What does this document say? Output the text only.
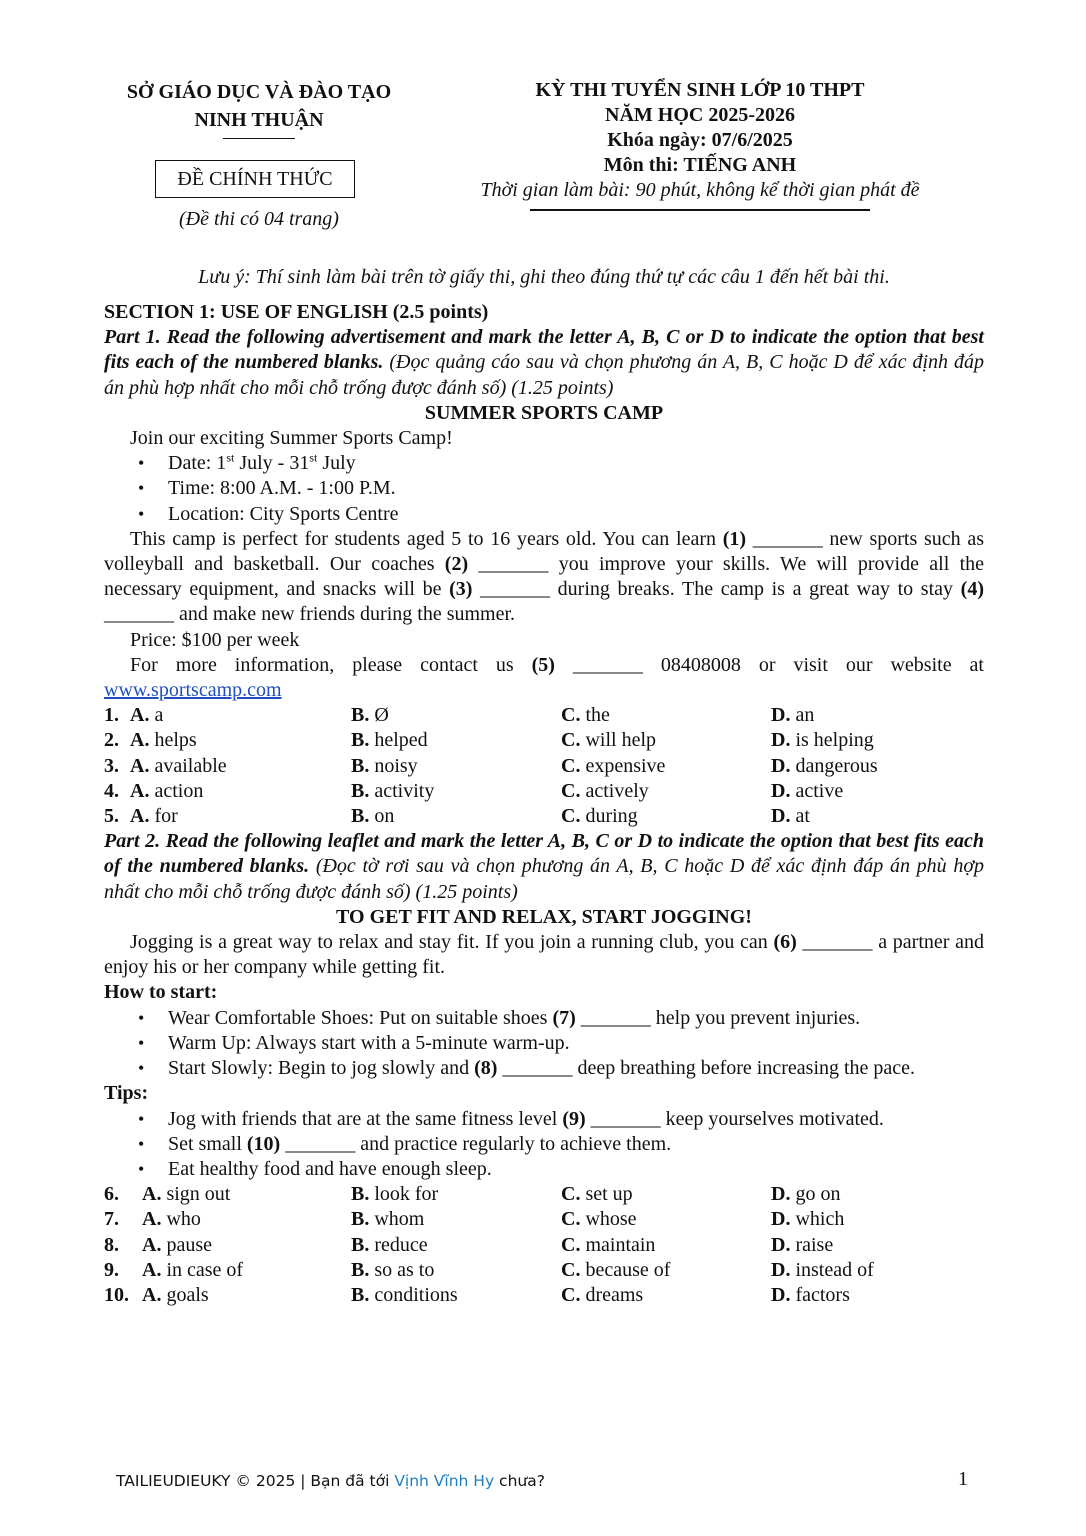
SỞ GIÁO DỤC VÀ ĐÀO TẠO
NINH THUẬN
ĐỀ CHÍNH THỨC
(Đề thi có 04 trang)
KỲ THI TUYỂN SINH LỚP 10 THPT
NĂM HỌC 2025-2026
Khóa ngày: 07/6/2025
Môn thi: TIẾNG ANH
Thời gian làm bài: 90 phút, không kể thời gian phát đề
Lưu ý: Thí sinh làm bài trên tờ giấy thi, ghi theo đúng thứ tự các câu 1 đến hết bài thi.

SECTION 1: USE OF ENGLISH (2.5 points)

Part 1. Read the following advertisement and mark the letter A, B, C or D to indicate the option that best fits each of the numbered blanks. (Đọc quảng cáo sau và chọn phương án A, B, C hoặc D để xác định đáp án phù hợp nhất cho mỗi chỗ trống được đánh số) (1.25 points)

SUMMER SPORTS CAMP

Join our exciting Summer Sports Camp!

• Date: 1st July - 31st July
• Time: 8:00 A.M. - 1:00 P.M.
• Location: City Sports Centre

This camp is perfect for students aged 5 to 16 years old. You can learn (1) _______ new sports such as volleyball and basketball. Our coaches (2) _______ you improve your skills. We will provide all the necessary equipment, and snacks will be (3) _______ during breaks. The camp is a great way to stay (4) _______ and make new friends during the summer.

Price: $100 per week

For more information, please contact us (5) _______ 08408008 or visit our website at www.sportscamp.com

1. A. a	B. Ø	C. the	D. an
2. A. helps	B. helped	C. will help	D. is helping
3. A. available	B. noisy	C. expensive	D. dangerous
4. A. action	B. activity	C. actively	D. active
5. A. for	B. on	C. during	D. at

Part 2. Read the following leaflet and mark the letter A, B, C or D to indicate the option that best fits each of the numbered blanks. (Đọc tờ rơi sau và chọn phương án A, B, C hoặc D để xác định đáp án phù hợp nhất cho mỗi chỗ trống được đánh số) (1.25 points)

TO GET FIT AND RELAX, START JOGGING!

Jogging is a great way to relax and stay fit. If you join a running club, you can (6) _______ a partner and enjoy his or her company while getting fit.

How to start:

• Wear Comfortable Shoes: Put on suitable shoes (7) _______ help you prevent injuries.
• Warm Up: Always start with a 5-minute warm-up.
• Start Slowly: Begin to jog slowly and (8) _______ deep breathing before increasing the pace.

Tips:

• Jog with friends that are at the same fitness level (9) _______ keep yourselves motivated.
• Set small (10) _______ and practice regularly to achieve them.
• Eat healthy food and have enough sleep.
6. A. sign out	B. look for	C. set up	D. go on
7. A. who	B. whom	C. whose	D. which
8. A. pause	B. reduce	C. maintain	D. raise
9. A. in case of	B. so as to	C. because of	D. instead of
10. A. goals	B. conditions	C. dreams	D. factors
TAILIEUDIEUKY © 2025 | Bạn đã tới Vịnh Vĩnh Hy chưa?	1
